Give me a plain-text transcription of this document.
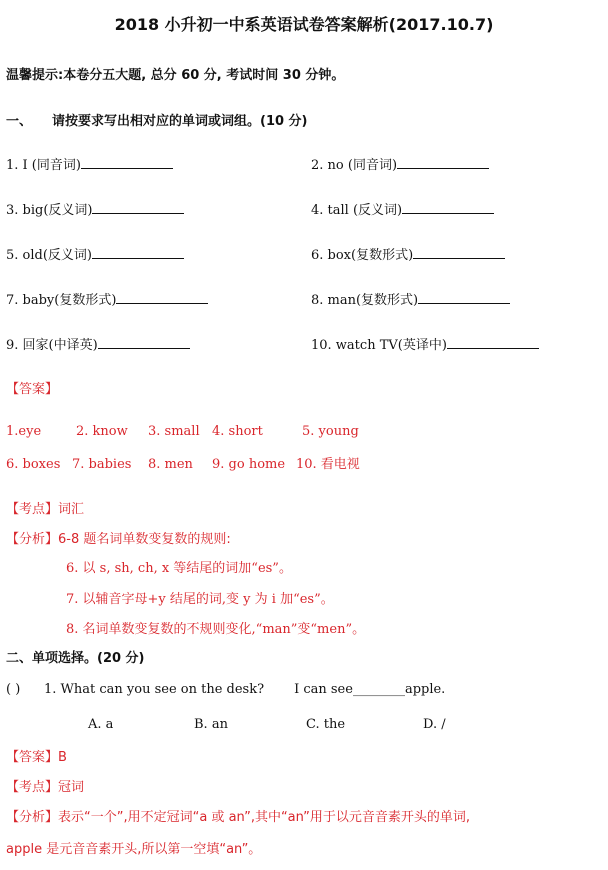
2018 小升初一中系英语试卷答案解析(2017.10.7)
温馨提示:本卷分五大题, 总分 60 分, 考试时间 30 分钟。
一、 请按要求写出相对应的单词或词组。(10 分)
1. I (同音词)	2. no (同音词)
3. big(反义词)	4. tall (反义词)
5. old(反义词)	6. box(复数形式)
7. baby(复数形式)	8. man(复数形式)
9. 回家(中译英)	10. watch TV(英译中)
【答案】
1.eye	2. know 3. small 4. short	5. young
6. boxes 7. babies 8. men 9. go home 10. 看电视
【考点】词汇
【分析】6-8 题名词单数变复数的规则:
6. 以 s, sh, ch, x 等结尾的词加“es”。
7. 以辅音字母+y 结尾的词,变 y 为 i 加“es”。
8. 名词单数变复数的不规则变化,“man”变“men”。
二、单项选择。(20 分)
( ) 1. What can you see on the desk? I can see________apple.
A. a	B. an	C. the	D. /
【答案】B
【考点】冠词
【分析】表示“一个”,用不定冠词“a 或 an”,其中“an”用于以元音音素开头的单词,
apple 是元音音素开头,所以第一空填“an”。
